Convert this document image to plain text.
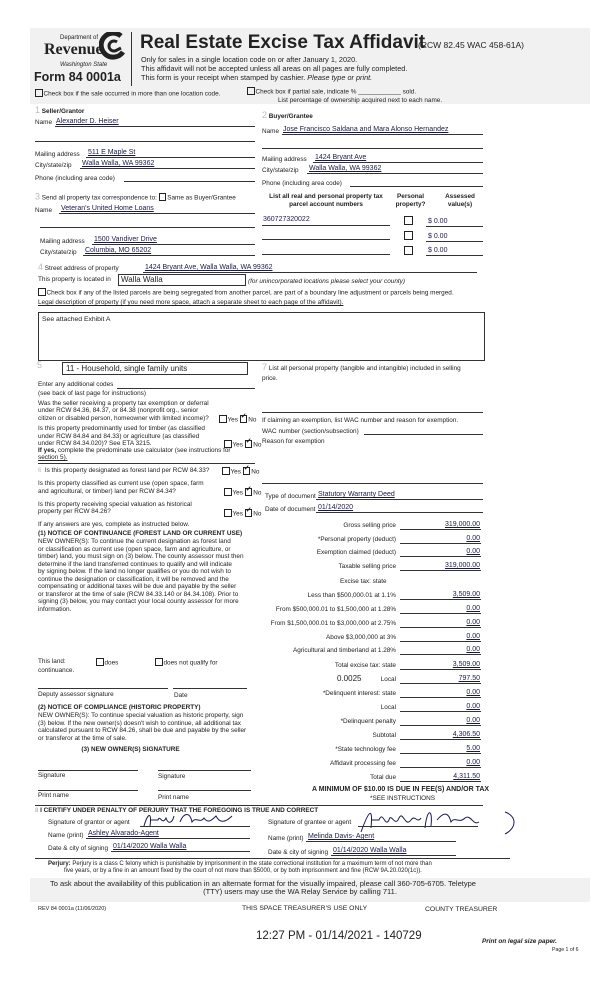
Department of
Revenue
Washington State
Form 84 0001a
Real Estate Excise Tax Affidavit
(RCW 82.45 WAC 458-61A)
Only for sales in a single location code on or after January 1, 2020.
This affidavit will not be accepted unless all areas on all pages are fully completed.
This form is your receipt when stamped by cashier. Please type or print.
Check box if the sale occurred in more than one location code.	Check box if partial sale, indicate % ____________ sold.
List percentage of ownership acquired next to each name.
1 Seller/Grantor
Name Alexander D. Heiser
Mailing address 511 E Maple St
City/state/zip Walla Walla, WA 99362
Phone (including area code)
2 Buyer/Grantee
Name Jose Francisco Saldana and Mara Alonso Hernandez
Mailing address 1424 Bryant Ave
City/state/zip Walla Walla, WA 99362
Phone (including area code)
3 Send all property tax correspondence to: Same as Buyer/Grantee
Name Veteran's United Home Loans
Mailing address 1500 Vandiver Drive
City/state/zip Columbia, MO 65202
List all real and personal property tax
parcel account numbers
Personal
property?
Assessed
value(s)
360727320022	$ 0.00
$ 0.00
$ 0.00
4 Street address of property	1424 Bryant Ave, Walla Walla, WA 99362
This property is located in Walla Walla	(for unincorporated locations please select your county)
Check box if any of the listed parcels are being segregated from another parcel, are part of a boundary line adjustment or parcels being merged.
Legal description of property (if you need more space, attach a separate sheet to each page of the affidavit).
See attached Exhibit A
5	11 - Household, single family units
Enter any additional codes
(see back of last page for instructions)
Was the seller receiving a property tax exemption or deferral
under RCW 84.36, 84.37, or 84.38 (nonprofit org., senior
citizen or disabled person, homeowner with limited income)?	Yes ✓ No
Is this property predominantly used for timber (as classified
under RCW 84.84 and 84.33) or agriculture (as classified
under RCW 84.34.020)? See ETA 3215.	Yes ✓ No
If yes, complete the predominate use calculator (see instructions for
section 5).
6 Is this property designated as forest land per RCW 84.33?	Yes ✓ No
Is this property classified as current use (open space, farm
and agricultural, or timber) land per RCW 84.34?	Yes ✓ No
Is this property receiving special valuation as historical
property per RCW 84.26?	Yes ✓ No
If any answers are yes, complete as instructed below.
(1) NOTICE OF CONTINUANCE (FOREST LAND OR CURRENT USE)
NEW OWNER(S): To continue the current designation as forest land
or classification as current use (open space, farm and agriculture, or
timber) land, you must sign on (3) below. The county assessor must then
determine if the land transferred continues to qualify and will indicate
by signing below. If the land no longer qualifies or you do not wish to
continue the designation or classification, it will be removed and the
compensating or additional taxes will be due and payable by the seller
or transferor at the time of sale (RCW 84.33.140 or 84.34.108). Prior to
signing (3) below, you may contact your local county assessor for more
information.
This land:
continuance.
does	does not qualify for
Deputy assessor signature	Date
(2) NOTICE OF COMPLIANCE (HISTORIC PROPERTY)
NEW OWNER(S): To continue special valuation as historic property, sign
(3) below. If the new owner(s) doesn't wish to continue, all additional tax
calculated pursuant to RCW 84.26, shall be due and payable by the seller
or transferor at the time of sale.
(3) NEW OWNER(S) SIGNATURE
Signature	Signature
Print name	Print name
7 List all personal property (tangible and intangible) included in selling
price.
If claiming an exemption, list WAC number and reason for exemption.
WAC number (section/subsection)
Reason for exemption
Type of document Statutory Warranty Deed
Date of document 01/14/2020
Gross selling price	319,000.00
*Personal property (deduct)	0.00
Exemption claimed (deduct)	0.00
Taxable selling price	319,000.00
Less than $500,000.01 at 1.1%	3,509.00
From $500,000.01 to $1,500,000 at 1.28%	0.00
From $1,500,000.01 to $3,000,000 at 2.75%	0.00
Above $3,000,000 at 3%	0.00
Agricultural and timberland at 1.28%	0.00
Total excise tax: state	3,509.00
Local	797.50
*Delinquent interest: state	0.00
Local	0.00
*Delinquent penalty	0.00
Subtotal	4,306.50
*State technology fee	5.00
Affidavit processing fee	0.00
Total due	4,311.50
Excise tax: state
0.0025
A MINIMUM OF $10.00 IS DUE IN FEE(S) AND/OR TAX
*SEE INSTRUCTIONS
8 I CERTIFY UNDER PENALTY OF PERJURY THAT THE FOREGOING IS TRUE AND CORRECT
Signature of grantor or agent
Name (print) Ashley Alvarado-Agent
Date & city of signing 01/14/2020 Walla Walla
Signature of grantee or agent
Name (print) Melinda Davis- Agent
Date & city of signing 01/14/2020 Walla Walla
Perjury: Perjury is a class C felony which is punishable by imprisonment in the state correctional institution for a maximum term of not more than
five years, or by a fine in an amount fixed by the court of not more than $5000, or by both imprisonment and fine (RCW 9A.20.020(1c)).
To ask about the availability of this publication in an alternate format for the visually impaired, please call 360-705-6705. Teletype
(TTY) users may use the WA Relay Service by calling 711.
REV 84 0001a (11/06/2020)	THIS SPACE TREASURER'S USE ONLY	COUNTY TREASURER
12:27 PM - 01/14/2021 - 140729	Print on legal size paper.
Page 1 of 6
